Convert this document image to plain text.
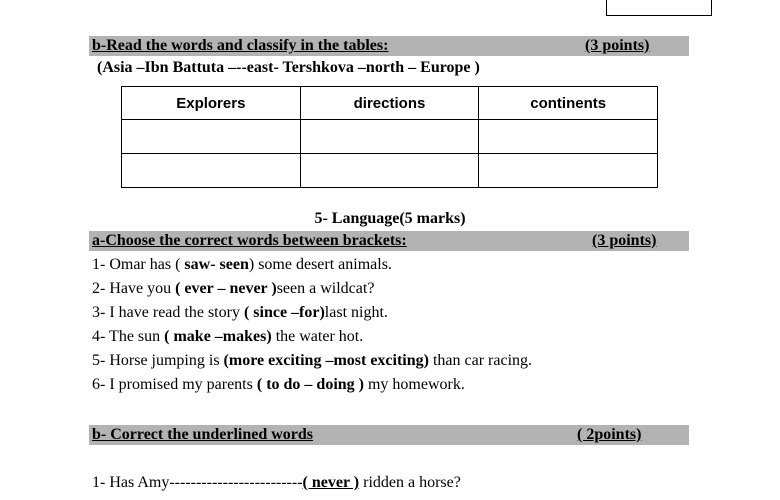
b-Read the words and classify in the tables:	(3 points)
(Asia –Ibn Battuta –--east- Tershkova –north – Europe )
Explorers	directions	continents

5- Language(5 marks)
a-Choose the correct words between brackets:	(3 points)
1- Omar has ( saw- seen) some desert animals.
2- Have you ( ever – never )seen a wildcat?
3- I have read the story ( since –for)last night.
4- The sun ( make –makes) the water hot.
5- Horse jumping is (more exciting –most exciting) than car racing.
6- I promised my parents ( to do – doing ) my homework.
b- Correct the underlined words	( 2points)
1- Has Amy-------------------------( never ) ridden a horse?
